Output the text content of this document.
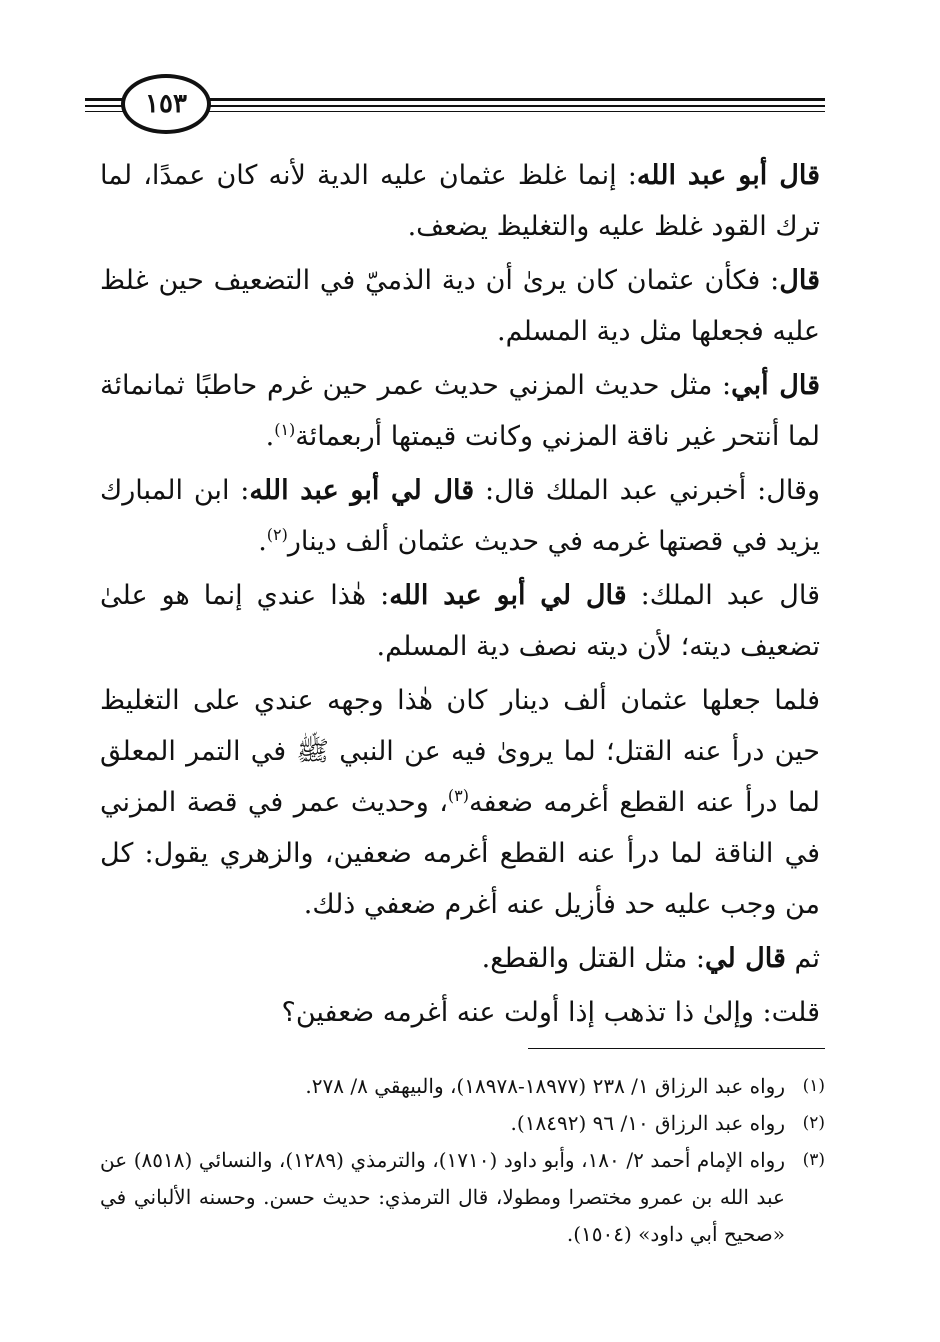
١٥٣

قال أبو عبد الله: إنما غلظ عثمان عليه الدية لأنه كان عمدًا، لما ترك القود غلظ عليه والتغليظ يضعف.

قال: فكأن عثمان كان يرىٰ أن دية الذميّ في التضعيف حين غلظ عليه فجعلها مثل دية المسلم.

قال أبي: مثل حديث المزني حديث عمر حين غرم حاطبًا ثمانمائة لما أنتحر غير ناقة المزني وكانت قيمتها أربعمائة$^{(١)}$.

وقال: أخبرني عبد الملك قال: قال لي أبو عبد الله: ابن المبارك يزيد في قصتها غرمه في حديث عثمان ألف دينار$^{(٢)}$.

قال عبد الملك: قال لي أبو عبد الله: هٰذا عندي إنما هو علىٰ تضعيف ديته؛ لأن ديته نصف دية المسلم.

فلما جعلها عثمان ألف دينار كان هٰذا وجهه عندي على التغليظ حين درأ عنه القتل؛ لما يروىٰ فيه عن النبي ﷺ في التمر المعلق لما درأ عنه القطع أغرمه ضعفه$^{(٣)}$، وحديث عمر في قصة المزني في الناقة لما درأ عنه القطع أغرمه ضعفين، والزهري يقول: كل من وجب عليه حد فأزيل عنه أغرم ضعفي ذلك.

ثم قال لي: مثل القتل والقطع.

قلت: وإلىٰ ذا تذهب إذا أولت عنه أغرمه ضعفين؟

(١)
رواه عبد الرزاق ١/ ٢٣٨ (١٨٩٧٧-١٨٩٧٨)، والبيهقي ٨/ ٢٧٨.
(٢)
رواه عبد الرزاق ١٠/ ٩٦ (١٨٤٩٢).
(٣)
رواه الإمام أحمد ٢/ ١٨٠، وأبو داود (١٧١٠)، والترمذي (١٢٨٩)، والنسائي (٨٥١٨) عن عبد الله بن عمرو مختصرا ومطولا، قال الترمذي: حديث حسن. وحسنه الألباني في «صحيح أبي داود» (١٥٠٤).
